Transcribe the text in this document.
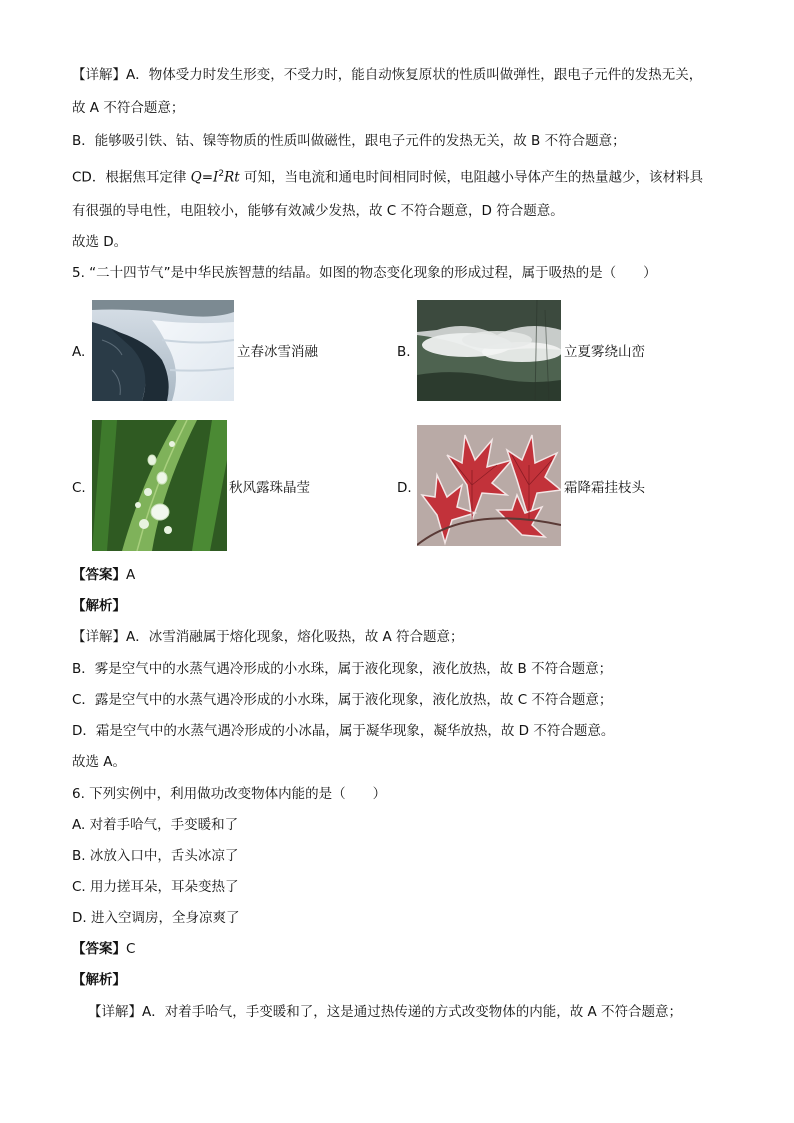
【详解】A．物体受力时发生形变，不受力时，能自动恢复原状的性质叫做弹性，跟电子元件的发热无关，
故 A 不符合题意；
B．能够吸引铁、钴、镍等物质的性质叫做磁性，跟电子元件的发热无关，故 B 不符合题意；
CD．根据焦耳定律 $Q=I^2Rt$ 可知，当电流和通电时间相同时候，电阻越小导体产生的热量越少，该材料具
有很强的导电性，电阻较小，能够有效减少发热，故 C 不符合题意，D 符合题意。
故选 D。
5. “二十四节气”是中华民族智慧的结晶。如图的物态变化现象的形成过程，属于吸热的是（　　）
A.	立春冰雪消融	B.	立夏雾绕山峦
C.	秋风露珠晶莹	D.	霜降霜挂枝头
【答案】A
【解析】
【详解】A．冰雪消融属于熔化现象，熔化吸热，故 A 符合题意；
B．雾是空气中的水蒸气遇冷形成的小水珠，属于液化现象，液化放热，故 B 不符合题意；
C．露是空气中的水蒸气遇冷形成的小水珠，属于液化现象，液化放热，故 C 不符合题意；
D．霜是空气中的水蒸气遇冷形成的小冰晶，属于凝华现象，凝华放热，故 D 不符合题意。
故选 A。
6. 下列实例中，利用做功改变物体内能的是（　　）
A. 对着手哈气，手变暖和了
B. 冰放入口中，舌头冰凉了
C. 用力搓耳朵，耳朵变热了
D. 进入空调房，全身凉爽了
【答案】C
【解析】
【详解】A．对着手哈气，手变暖和了，这是通过热传递的方式改变物体的内能，故 A 不符合题意；
